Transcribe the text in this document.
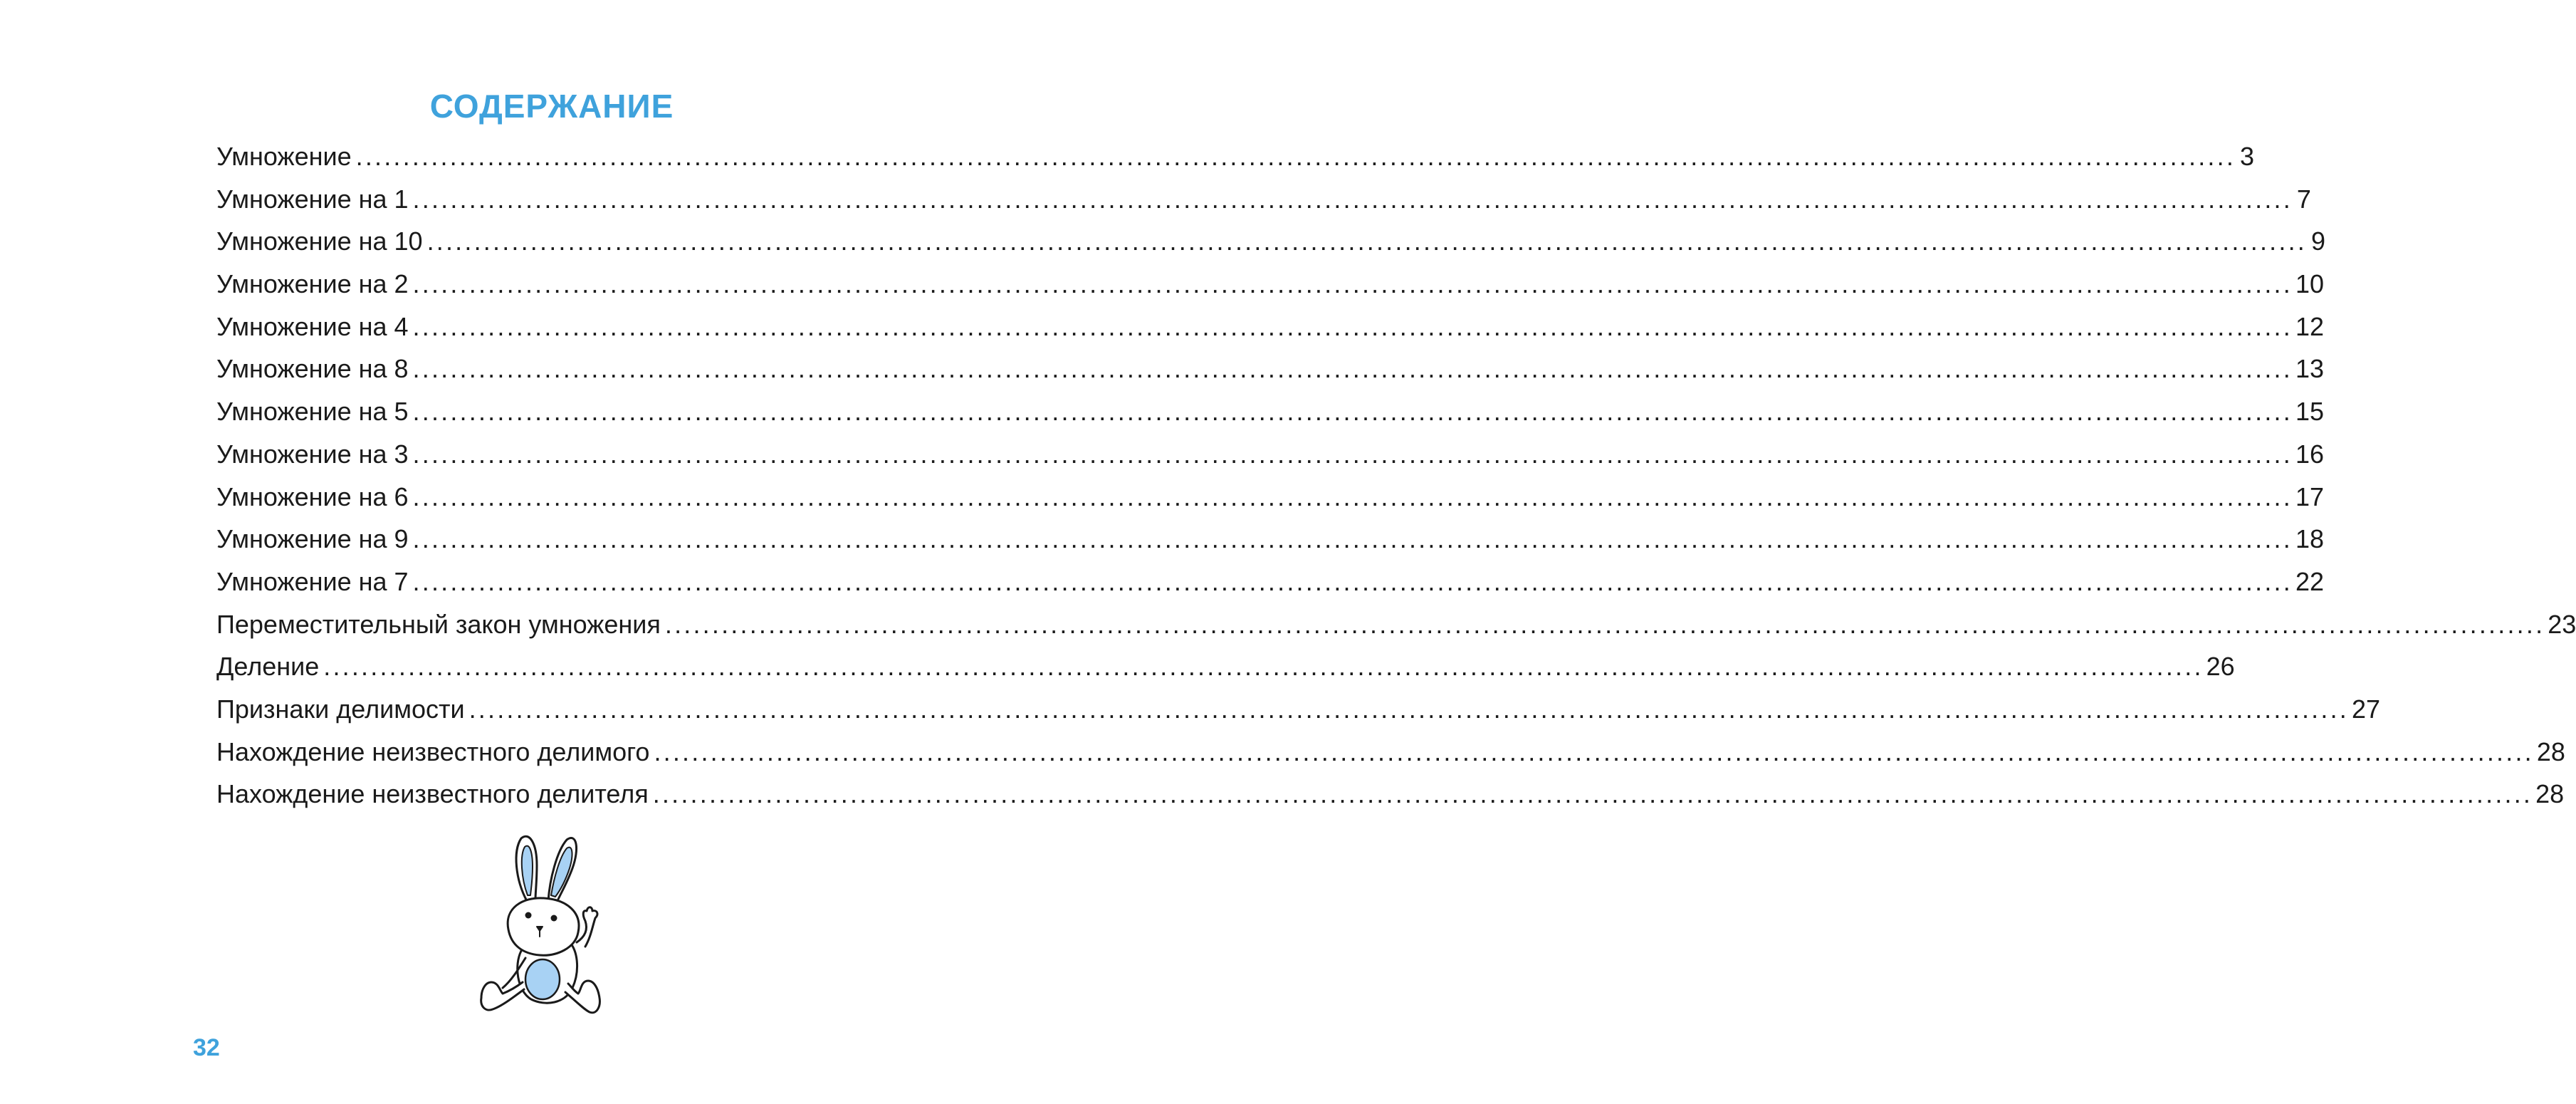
СОДЕРЖАНИЕ
Умножение ........................................................................................................................................................................................................ 3
Умножение на 1 ........................................................................................................................................................................................................ 7
Умножение на 10 ........................................................................................................................................................................................................ 9
Умножение на 2 ........................................................................................................................................................................................................ 10
Умножение на 4 ........................................................................................................................................................................................................ 12
Умножение на 8 ........................................................................................................................................................................................................ 13
Умножение на 5 ........................................................................................................................................................................................................ 15
Умножение на 3 ........................................................................................................................................................................................................ 16
Умножение на 6 ........................................................................................................................................................................................................ 17
Умножение на 9 ........................................................................................................................................................................................................ 18
Умножение на 7 ........................................................................................................................................................................................................ 22
Переместительный закон умножения ........................................................................................................................................................................................................ 23
Деление ........................................................................................................................................................................................................ 26
Признаки делимости ........................................................................................................................................................................................................ 27
Нахождение неизвестного делимого ........................................................................................................................................................................................................ 28
Нахождение неизвестного делителя ........................................................................................................................................................................................................ 28
32
